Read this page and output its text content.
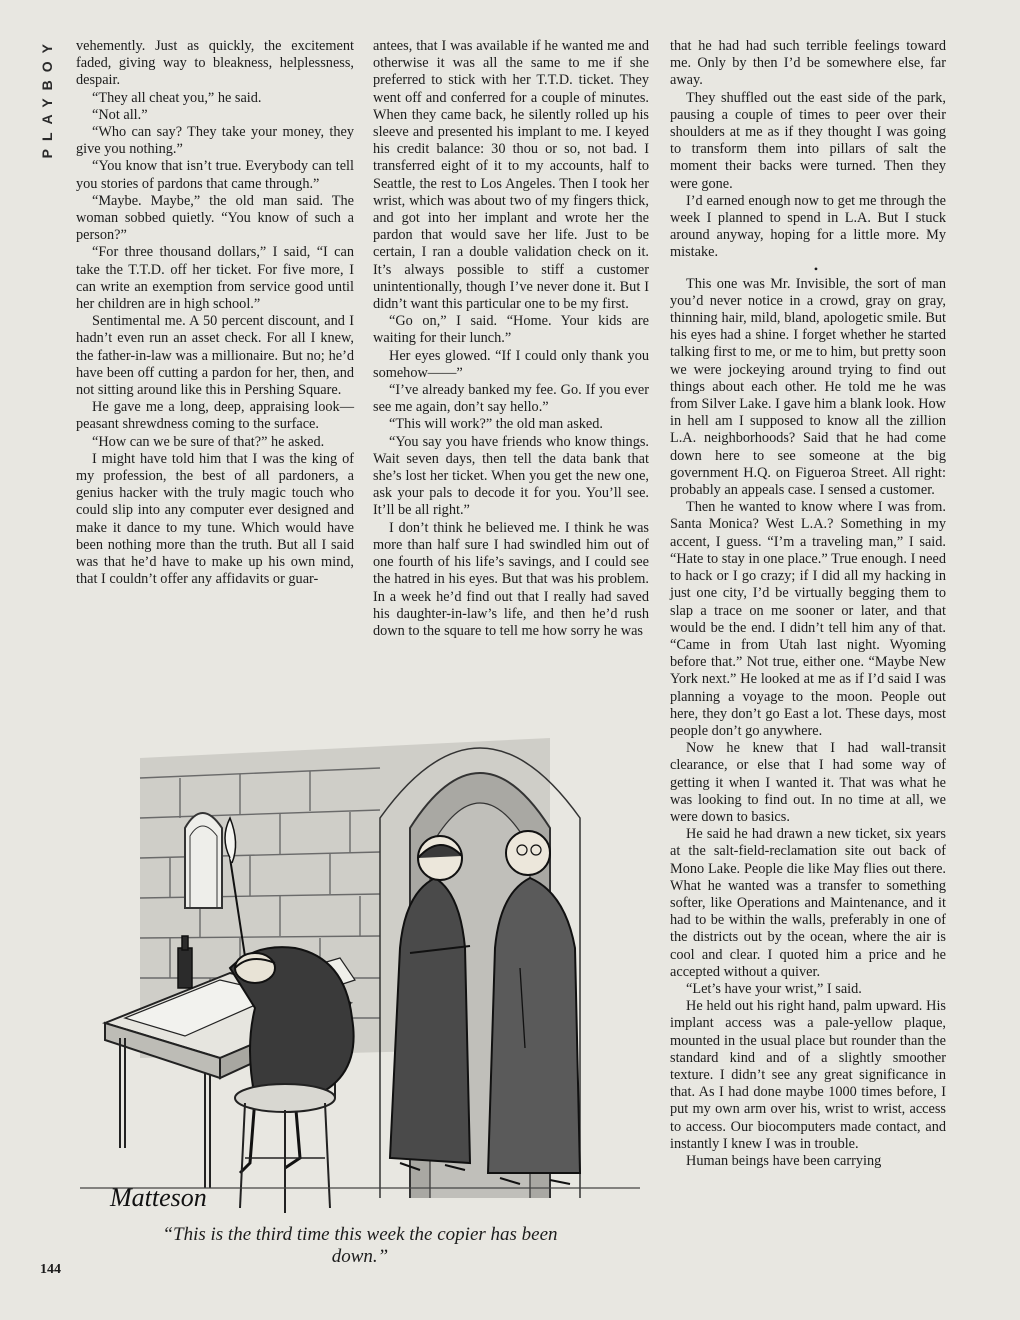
PLAYBOY vehemently. Just as quickly, the excitement faded, giving way to bleakness, helplessness, despair.

“They all cheat you,” he said.

“Not all.”

“Who can say? They take your money, they give you nothing.”

“You know that isn’t true. Everybody can tell you stories of pardons that came through.”

“Maybe. Maybe,” the old man said. The woman sobbed quietly. “You know of such a person?”

“For three thousand dollars,” I said, “I can take the T.T.D. off her ticket. For five more, I can write an exemption from service good until her children are in high school.”

Sentimental me. A 50 percent discount, and I hadn’t even run an asset check. For all I knew, the father-in-law was a millionaire. But no; he’d have been off cutting a pardon for her, then, and not sitting around like this in Pershing Square.

He gave me a long, deep, appraising look—peasant shrewdness coming to the surface.

“How can we be sure of that?” he asked.

I might have told him that I was the king of my profession, the best of all pardoners, a genius hacker with the truly magic touch who could slip into any computer ever designed and make it dance to my tune. Which would have been nothing more than the truth. But all I said was that he’d have to make up his own mind, that I couldn’t offer any affidavits or guar-

antees, that I was available if he wanted me and otherwise it was all the same to me if she preferred to stick with her T.T.D. ticket. They went off and conferred for a couple of minutes. When they came back, he silently rolled up his sleeve and presented his implant to me. I keyed his credit balance: 30 thou or so, not bad. I transferred eight of it to my accounts, half to Seattle, the rest to Los Angeles. Then I took her wrist, which was about two of my fingers thick, and got into her implant and wrote her the pardon that would save her life. Just to be certain, I ran a double validation check on it. It’s always possible to stiff a customer unintentionally, though I’ve never done it. But I didn’t want this particular one to be my first.

“Go on,” I said. “Home. Your kids are waiting for their lunch.”

Her eyes glowed. “If I could only thank you somehow——”

“I’ve already banked my fee. Go. If you ever see me again, don’t say hello.”

“This will work?” the old man asked.

“You say you have friends who know things. Wait seven days, then tell the data bank that she’s lost her ticket. When you get the new one, ask your pals to decode it for you. You’ll see. It’ll be all right.”

I don’t think he believed me. I think he was more than half sure I had swindled him out of one fourth of his life’s savings, and I could see the hatred in his eyes. But that was his problem. In a week he’d find out that I really had saved his daughter-in-law’s life, and then he’d rush down to the square to tell me how sorry he was

that he had had such terrible feelings toward me. Only by then I’d be somewhere else, far away.

They shuffled out the east side of the park, pausing a couple of times to peer over their shoulders at me as if they thought I was going to transform them into pillars of salt the moment their backs were turned. Then they were gone.

I’d earned enough now to get me through the week I planned to spend in L.A. But I stuck around anyway, hoping for a little more. My mistake.

•

This one was Mr. Invisible, the sort of man you’d never notice in a crowd, gray on gray, thinning hair, mild, bland, apologetic smile. But his eyes had a shine. I forget whether he started talking first to me, or me to him, but pretty soon we were jockeying around trying to find out things about each other. He told me he was from Silver Lake. I gave him a blank look. How in hell am I supposed to know all the zillion L.A. neighborhoods? Said that he had come down here to see someone at the big government H.Q. on Figueroa Street. All right: probably an appeals case. I sensed a customer.

Then he wanted to know where I was from. Santa Monica? West L.A.? Something in my accent, I guess. “I’m a traveling man,” I said. “Hate to stay in one place.” True enough. I need to hack or I go crazy; if I did all my hacking in just one city, I’d be virtually begging them to slap a trace on me sooner or later, and that would be the end. I didn’t tell him any of that. “Came in from Utah last night. Wyoming before that.” Not true, either one. “Maybe New York next.” He looked at me as if I’d said I was planning a voyage to the moon. People out here, they don’t go East a lot. These days, most people don’t go anywhere.

Now he knew that I had wall-transit clearance, or else that I had some way of getting it when I wanted it. That was what he was looking to find out. In no time at all, we were down to basics.

He said he had drawn a new ticket, six years at the salt-field-reclamation site out back of Mono Lake. People die like May flies out there. What he wanted was a transfer to something softer, like Operations and Maintenance, and it had to be within the walls, preferably in one of the districts out by the ocean, where the air is cool and clear. I quoted him a price and he accepted without a quiver.

“Let’s have your wrist,” I said.

He held out his right hand, palm upward. His implant access was a pale-yellow plaque, mounted in the usual place but rounder than the standard kind and of a slightly smoother texture. I didn’t see any great significance in that. As I had done maybe 1000 times before, I put my own arm over his, wrist to wrist, access to access. Our biocomputers made contact, and instantly I knew I was in trouble.

Human beings have been carrying

Matteson
“This is the third time this week the copier has been down.”
144
